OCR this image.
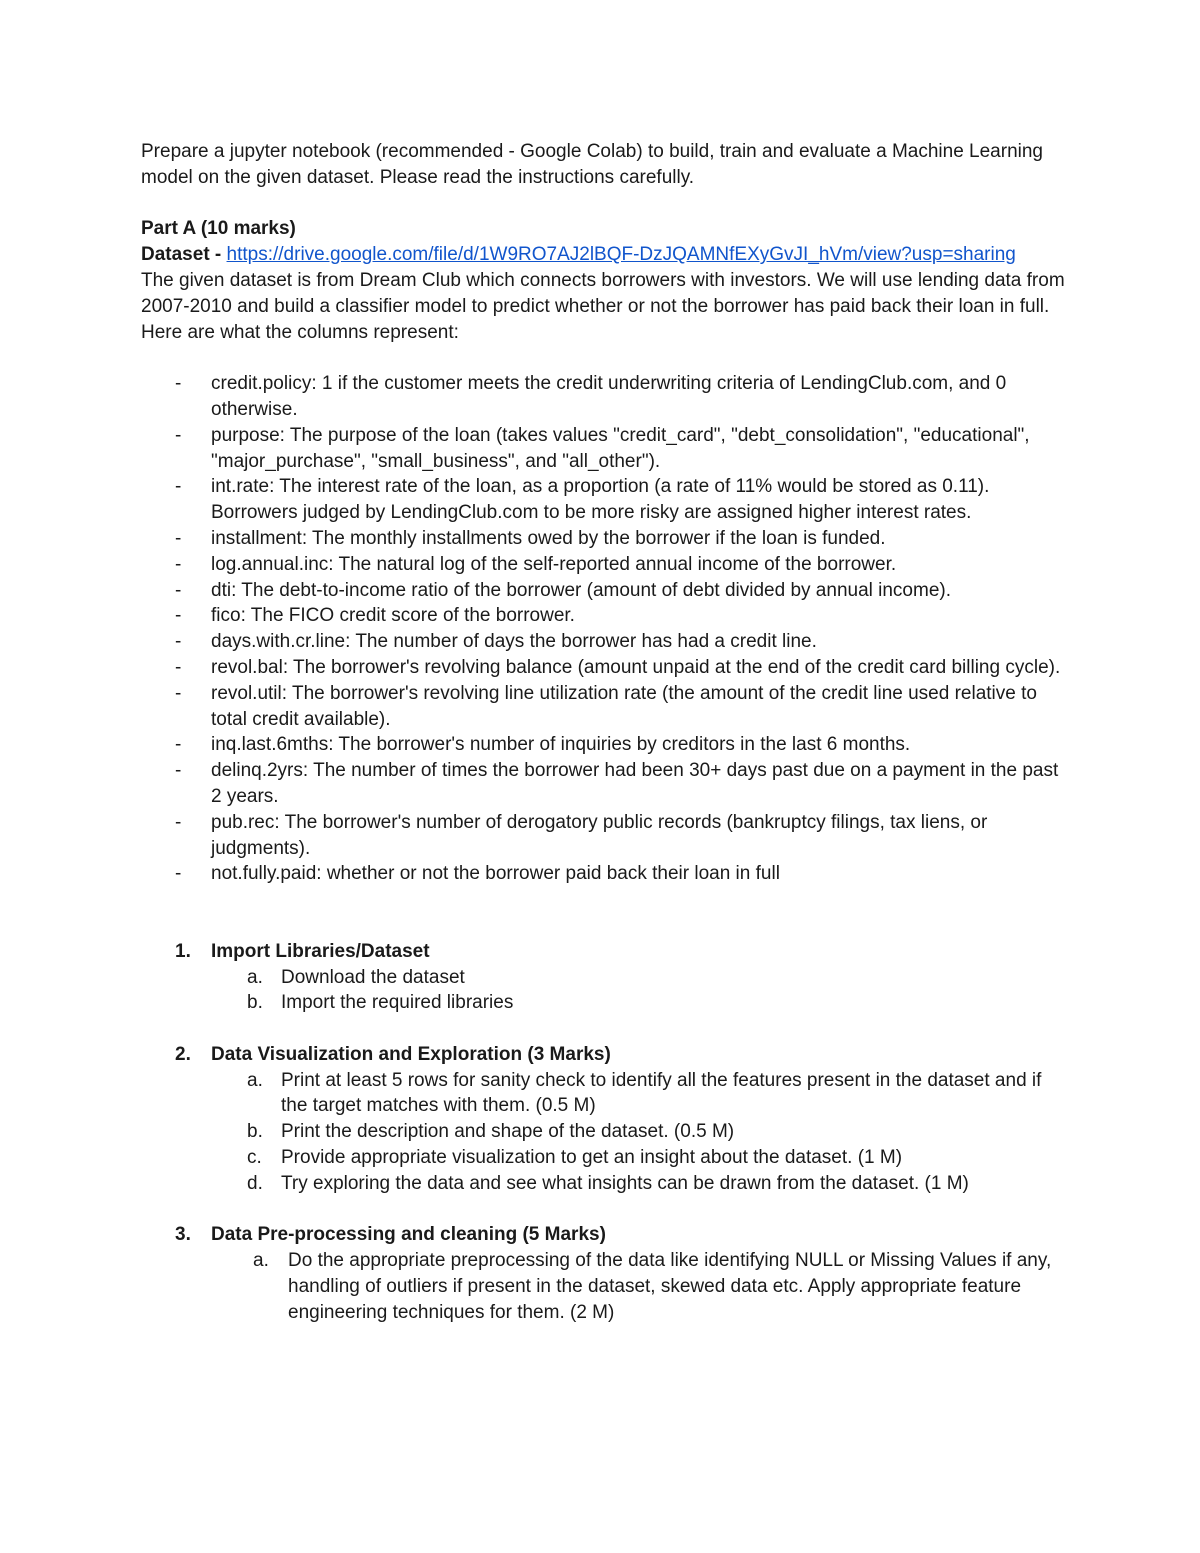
Prepare a jupyter notebook (recommended - Google Colab) to build, train and evaluate a Machine Learning model on the given dataset. Please read the instructions carefully.

Part A (10 marks)

Dataset - https://drive.google.com/file/d/1W9RO7AJ2lBQF-DzJQAMNfEXyGvJI_hVm/view?usp=sharing

The given dataset is from Dream Club which connects borrowers with investors. We will use lending data from 2007-2010 and build a classifier model to predict whether or not the borrower has paid back their loan in full. Here are what the columns represent:

- credit.policy: 1 if the customer meets the credit underwriting criteria of LendingClub.com, and 0 otherwise.
- purpose: The purpose of the loan (takes values "credit_card", "debt_consolidation", "educational", "major_purchase", "small_business", and "all_other").
- int.rate: The interest rate of the loan, as a proportion (a rate of 11% would be stored as 0.11). Borrowers judged by LendingClub.com to be more risky are assigned higher interest rates.
- installment: The monthly installments owed by the borrower if the loan is funded.
- log.annual.inc: The natural log of the self-reported annual income of the borrower.
- dti: The debt-to-income ratio of the borrower (amount of debt divided by annual income).
- fico: The FICO credit score of the borrower.
- days.with.cr.line: The number of days the borrower has had a credit line.
- revol.bal: The borrower's revolving balance (amount unpaid at the end of the credit card billing cycle).
- revol.util: The borrower's revolving line utilization rate (the amount of the credit line used relative to total credit available).
- inq.last.6mths: The borrower's number of inquiries by creditors in the last 6 months.
- delinq.2yrs: The number of times the borrower had been 30+ days past due on a payment in the past 2 years.
- pub.rec: The borrower's number of derogatory public records (bankruptcy filings, tax liens, or judgments).
- not.fully.paid: whether or not the borrower paid back their loan in full
1. Import Libraries/Dataset
a. Download the dataset
b. Import the required libraries
2. Data Visualization and Exploration (3 Marks)
a. Print at least 5 rows for sanity check to identify all the features present in the dataset and if the target matches with them. (0.5 M)
b. Print the description and shape of the dataset. (0.5 M)
c. Provide appropriate visualization to get an insight about the dataset. (1 M)
d. Try exploring the data and see what insights can be drawn from the dataset. (1 M)
3. Data Pre-processing and cleaning (5 Marks)
a. Do the appropriate preprocessing of the data like identifying NULL or Missing Values if any, handling of outliers if present in the dataset, skewed data etc. Apply appropriate feature engineering techniques for them. (2 M)
